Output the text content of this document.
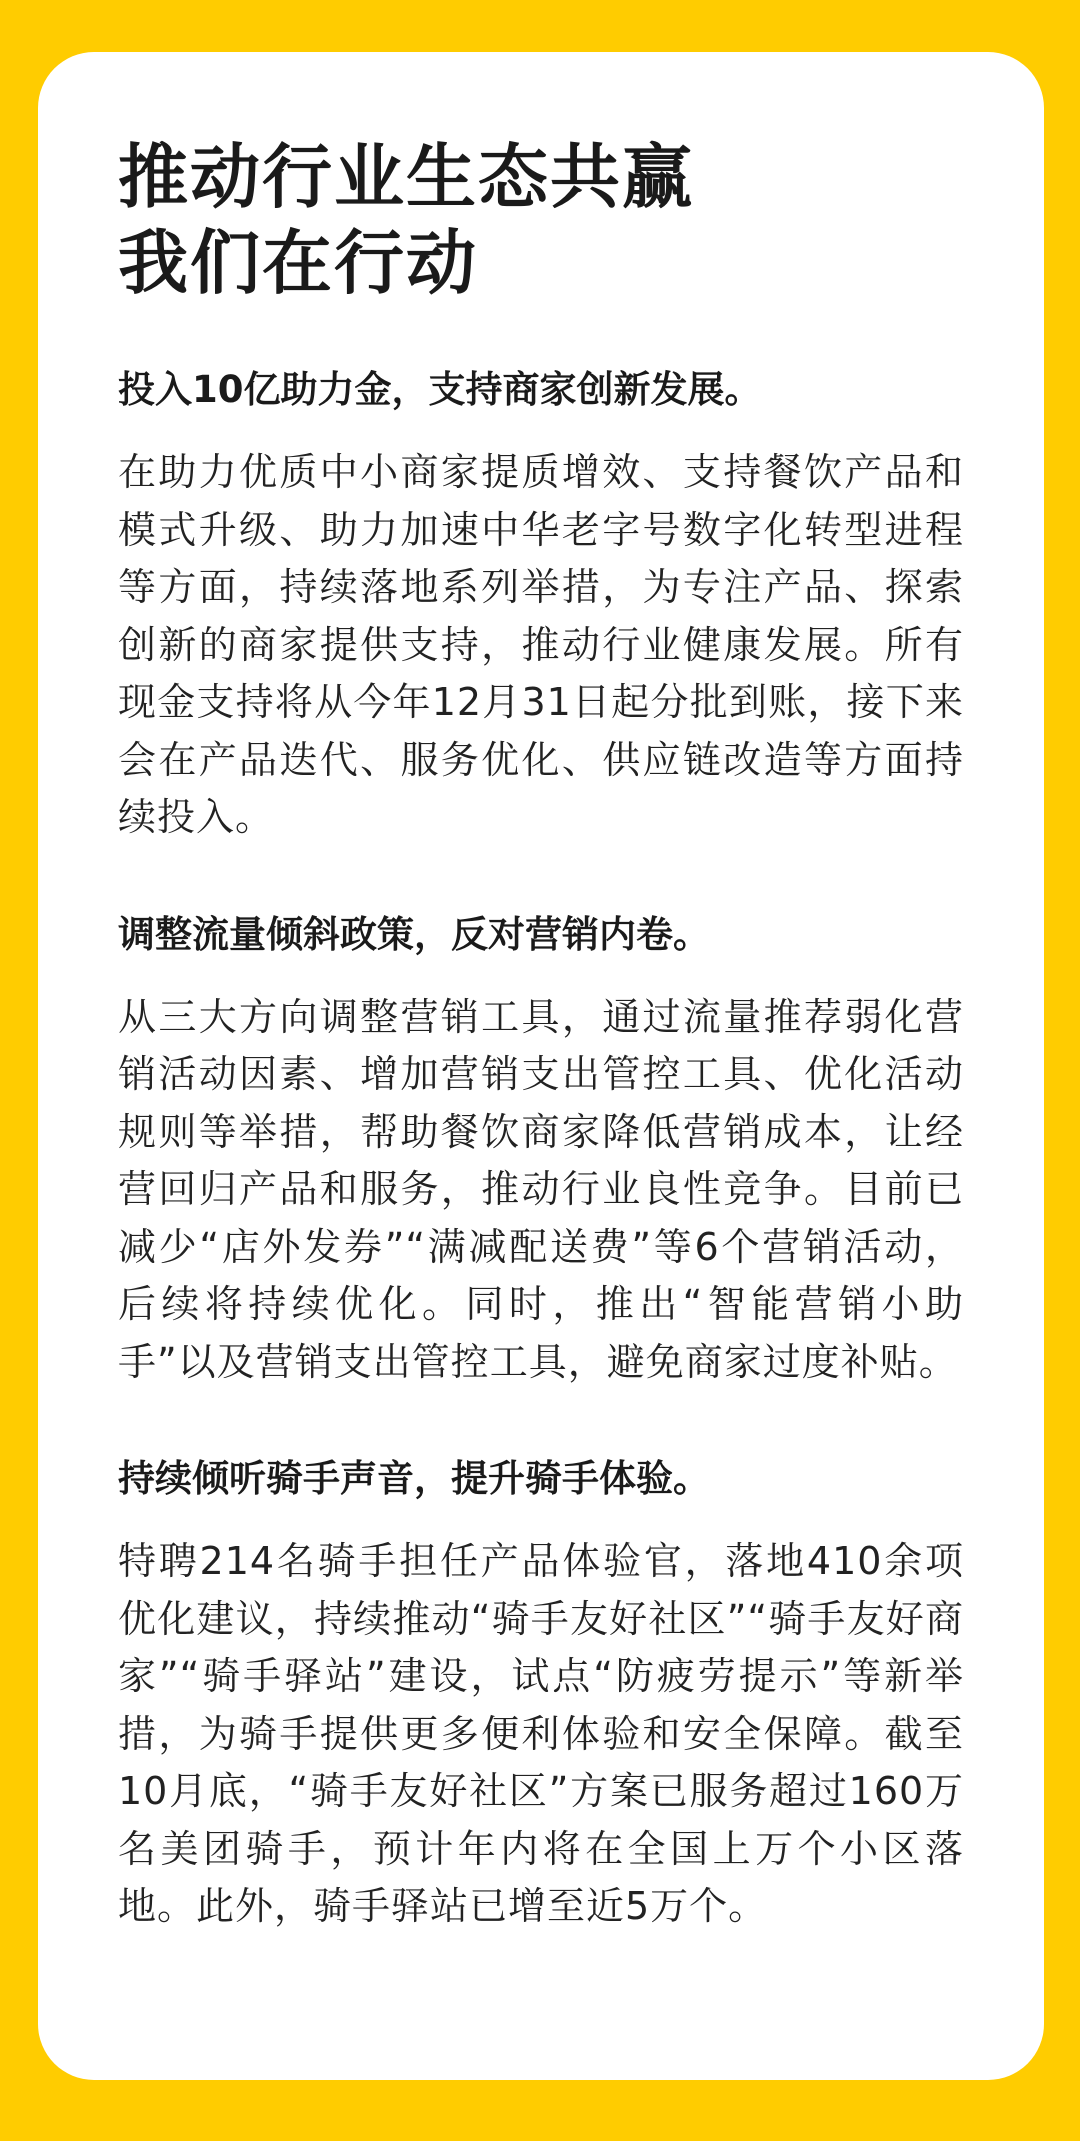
推动行业生态共赢
我们在行动
投入10亿助力金，支持商家创新发展。

在助力优质中小商家提质增效、支持餐饮产品和模式升级、助力加速中华老字号数字化转型进程等方面，持续落地系列举措，为专注产品、探索创新的商家提供支持，推动行业健康发展。所有现金支持将从今年12月31日起分批到账，接下来会在产品迭代、服务优化、供应链改造等方面持续投入。

调整流量倾斜政策，反对营销内卷。

从三大方向调整营销工具，通过流量推荐弱化营销活动因素、增加营销支出管控工具、优化活动规则等举措，帮助餐饮商家降低营销成本，让经营回归产品和服务，推动行业良性竞争。目前已减少“店外发券”“满减配送费”等6个营销活动，后续将持续优化。同时，推出“智能营销小助手”以及营销支出管控工具，避免商家过度补贴。

持续倾听骑手声音，提升骑手体验。

特聘214名骑手担任产品体验官，落地410余项优化建议，持续推动“骑手友好社区”“骑手友好商家”“骑手驿站”建设，试点“防疲劳提示”等新举措，为骑手提供更多便利体验和安全保障。截至10月底，“骑手友好社区”方案已服务超过160万名美团骑手，预计年内将在全国上万个小区落地。此外，骑手驿站已增至近5万个。
